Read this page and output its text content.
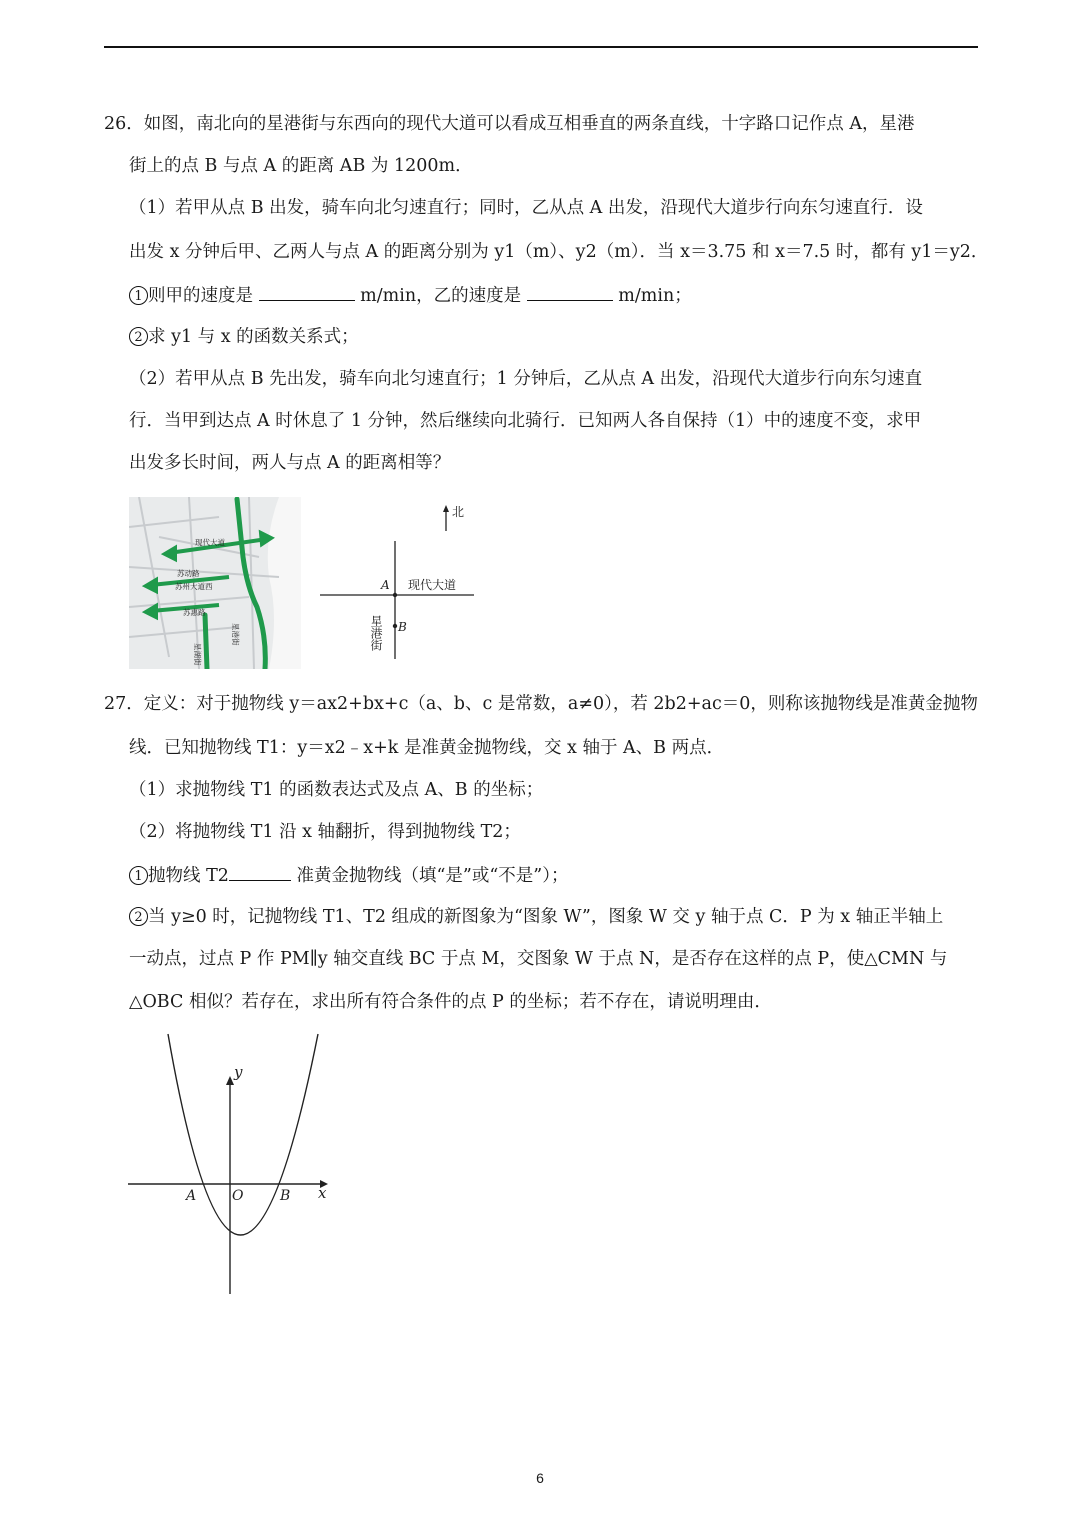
26．如图，南北向的星港街与东西向的现代大道可以看成互相垂直的两条直线，十字路口记作点 A，星港
街上的点 B 与点 A 的距离 AB 为 1200m．
（1）若甲从点 B 出发，骑车向北匀速直行；同时，乙从点 A 出发，沿现代大道步行向东匀速直行．设
出发 x 分钟后甲、乙两人与点 A 的距离分别为 y1（m）、y2（m）．当 x＝3.75 和 x＝7.5 时，都有 y1＝y2．
1 则甲的速度是	m/min，乙的速度是	m/min；
2 求 y1 与 x 的函数关系式；
（2）若甲从点 B 先出发，骑车向北匀速直行；1 分钟后，乙从点 A 出发，沿现代大道步行向东匀速直
行．当甲到达点 A 时休息了 1 分钟，然后继续向北骑行．已知两人各自保持（1）中的速度不变，求甲
出发多长时间，两人与点 A 的距离相等？
现代大道
苏动路
苏州大道西
苏惠路
星港街
星湖街
北
现代大道
A
B
星港街
27．定义：对于抛物线 y＝ax2+bx+c（a、b、c 是常数，a≠0），若 2b2+ac＝0，则称该抛物线是准黄金抛物
线．已知抛物线 T1：y＝x2﹣x+k 是准黄金抛物线，交 x 轴于 A、B 两点．
（1）求抛物线 T1 的函数表达式及点 A、B 的坐标；
（2）将抛物线 T1 沿 x 轴翻折，得到抛物线 T2；
1 抛物线 T2	准黄金抛物线（填“是”或“不是”）；
2 当 y≥0 时，记抛物线 T1、T2 组成的新图象为“图象 W”，图象 W 交 y 轴于点 C．P 为 x 轴正半轴上
一动点，过点 P 作 PM∥y 轴交直线 BC 于点 M，交图象 W 于点 N，是否存在这样的点 P，使△CMN 与
△OBC 相似？若存在，求出所有符合条件的点 P 的坐标；若不存在，请说明理由．
y
x
A	O	B
6
